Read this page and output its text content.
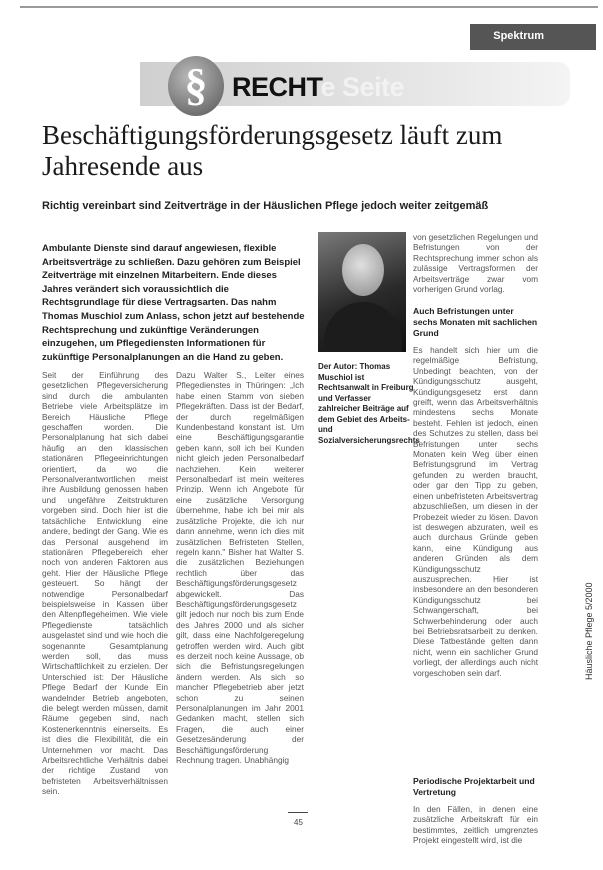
Spektrum
§ RECHTe Seite
Beschäftigungsförderungsgesetz läuft zum Jahresende aus
Richtig vereinbart sind Zeitverträge in der Häuslichen Pflege jedoch weiter zeitgemäß
Ambulante Dienste sind darauf angewiesen, flexible Arbeitsverträge zu schließen. Dazu gehören zum Beispiel Zeitverträge mit einzelnen Mitarbeitern. Ende dieses Jahres verändert sich voraussichtlich die Rechtsgrundlage für diese Vertragsarten. Das nahm Thomas Muschiol zum Anlass, schon jetzt auf bestehende Rechtsprechung und zukünftige Veränderungen einzugehen, um Pflegediensten Informationen für zukünftige Personalplanungen an die Hand zu geben.
Der Autor: Thomas Muschiol ist Rechtsanwalt in Freiburg und Verfasser zahlreicher Beiträge auf dem Gebiet des Arbeits- und Sozialversicherungsrechts

Seit der Einführung des gesetzlichen Pflegeversicherung sind durch die ambulanten Betriebe viele Arbeitsplätze im Bereich Häusliche Pflege geschaffen worden. Die Personalplanung hat sich dabei häufig an den klassischen stationären Pflegeeinrichtungen orientiert, da wo die Personalverantwortlichen meist ihre Ausbildung genossen haben und ungefähre Zeitstrukturen vorgeben sind. Doch hier ist die tatsächliche Entwicklung eine andere, bedingt der Gang. Wie es das Personal ausgehend im stationären Pflegebereich eher noch von anderen Faktoren aus geht. Hier der Häusliche Pflege gesteuert. So hängt der notwendige Personalbedarf beispielsweise in Kassen über den Altenpflegeheimen. Wie viele Pflegedienste tatsächlich ausgelastet sind und wie hoch die sogenannte Gesamtplanung werden soll, das muss Wirtschaftlichkeit zu erzielen. Der Unterschied ist: Der Häusliche Pflege Bedarf der Kunde Ein wandelnder Betrieb angeboten, die belegt werden müssen, damit Räume gegeben sind, nach Kostenerkenntnis einerseits. Es ist dies die Flexibilität, die ein Unternehmen vor macht. Das Arbeitsrechtliche Verhältnis dabei der richtige Zustand von befristeten Arbeitsverhältnissen sein.

Dazu Walter S., Leiter eines Pflegedienstes in Thüringen: „Ich habe einen Stamm von sieben Pflegekräften. Dass ist der Bedarf, der durch regelmäßigen Kundenbestand konstant ist. Um eine Beschäftigungsgarantie geben kann, soll ich bei Kunden nicht gleich jeden Personalbedarf nachziehen. Kein weiterer Personalbedarf ist mein weiteres Prinzip. Wenn ich Angebote für eine zusätzliche Versorgung übernehme, habe ich bei mir als zusätzliche Projekte, die ich nur dann annehme, wenn ich dies mit zusätzlichen Befristeten Stellen, regeln kann." Bisher hat Walter S. die zusätzlichen Beziehungen rechtlich über das Beschäftigungsförderungsgesetz abgewickelt. Das Beschäftigungsförderungsgesetz gilt jedoch nur noch bis zum Ende des Jahres 2000 und als sicher gilt, dass eine Nachfolgeregelung getroffen werden wird. Auch gibt es derzeit noch keine Aussage, ob sich die Befristungsregelungen ändern werden. Als sich so mancher Pflegebetrieb aber jetzt schon zu seinen Personalplanungen im Jahr 2001 Gedanken macht, stellen sich Fragen, die auch einer Gesetzesänderung der Beschäftigungsförderung Rechnung tragen. Unabhängig

von gesetzlichen Regelungen und Befristungen von der Rechtsprechung immer schon als zulässige Vertragsformen der Arbeitsverträge zwar vom vorherigen Grund vorlag.

Auch Befristungen unter sechs Monaten mit sachlichen Grund

Es handelt sich hier um die regelmäßige Befristung, Unbedingt beachten, von der Kündigungsschutz ausgeht, Kündigungsgesetz erst dann greift, wenn das Arbeitsverhältnis mindestens sechs Monate besteht. Fehlen ist jedoch, einen des Schutzes zu stellen, dass bei Befristungen unter sechs Monaten kein Weg über einen Befristungsgrund im Vertrag gefunden zu werden braucht, oder gar den Tipp zu geben, einen unbefristeten Arbeitsvertrag abzuschließen, um diesen in der Probezeit wieder zu lösen. Davon ist deswegen abzuraten, weil es auch durchaus Gründe geben kann, eine Kündigung aus anderen Gründen als dem Kündigungsschutz auszusprechen. Hier ist insbesondere an den besonderen Kündigungsschutz bei Schwangerschaft, bei Schwerbehinderung oder auch bei Betriebsratsarbeit zu denken. Diese Tatbestände gelten dann nicht, wenn ein sachlicher Grund vorliegt, der allerdings auch nicht vorgeschoben sein darf.

Periodische Projektarbeit und Vertretung

In den Fällen, in denen eine zusätzliche Arbeitskraft für ein bestimmtes, zeitlich umgrenztes Projekt eingestellt wird, ist die

45
Häusliche Pflege 5/2000
